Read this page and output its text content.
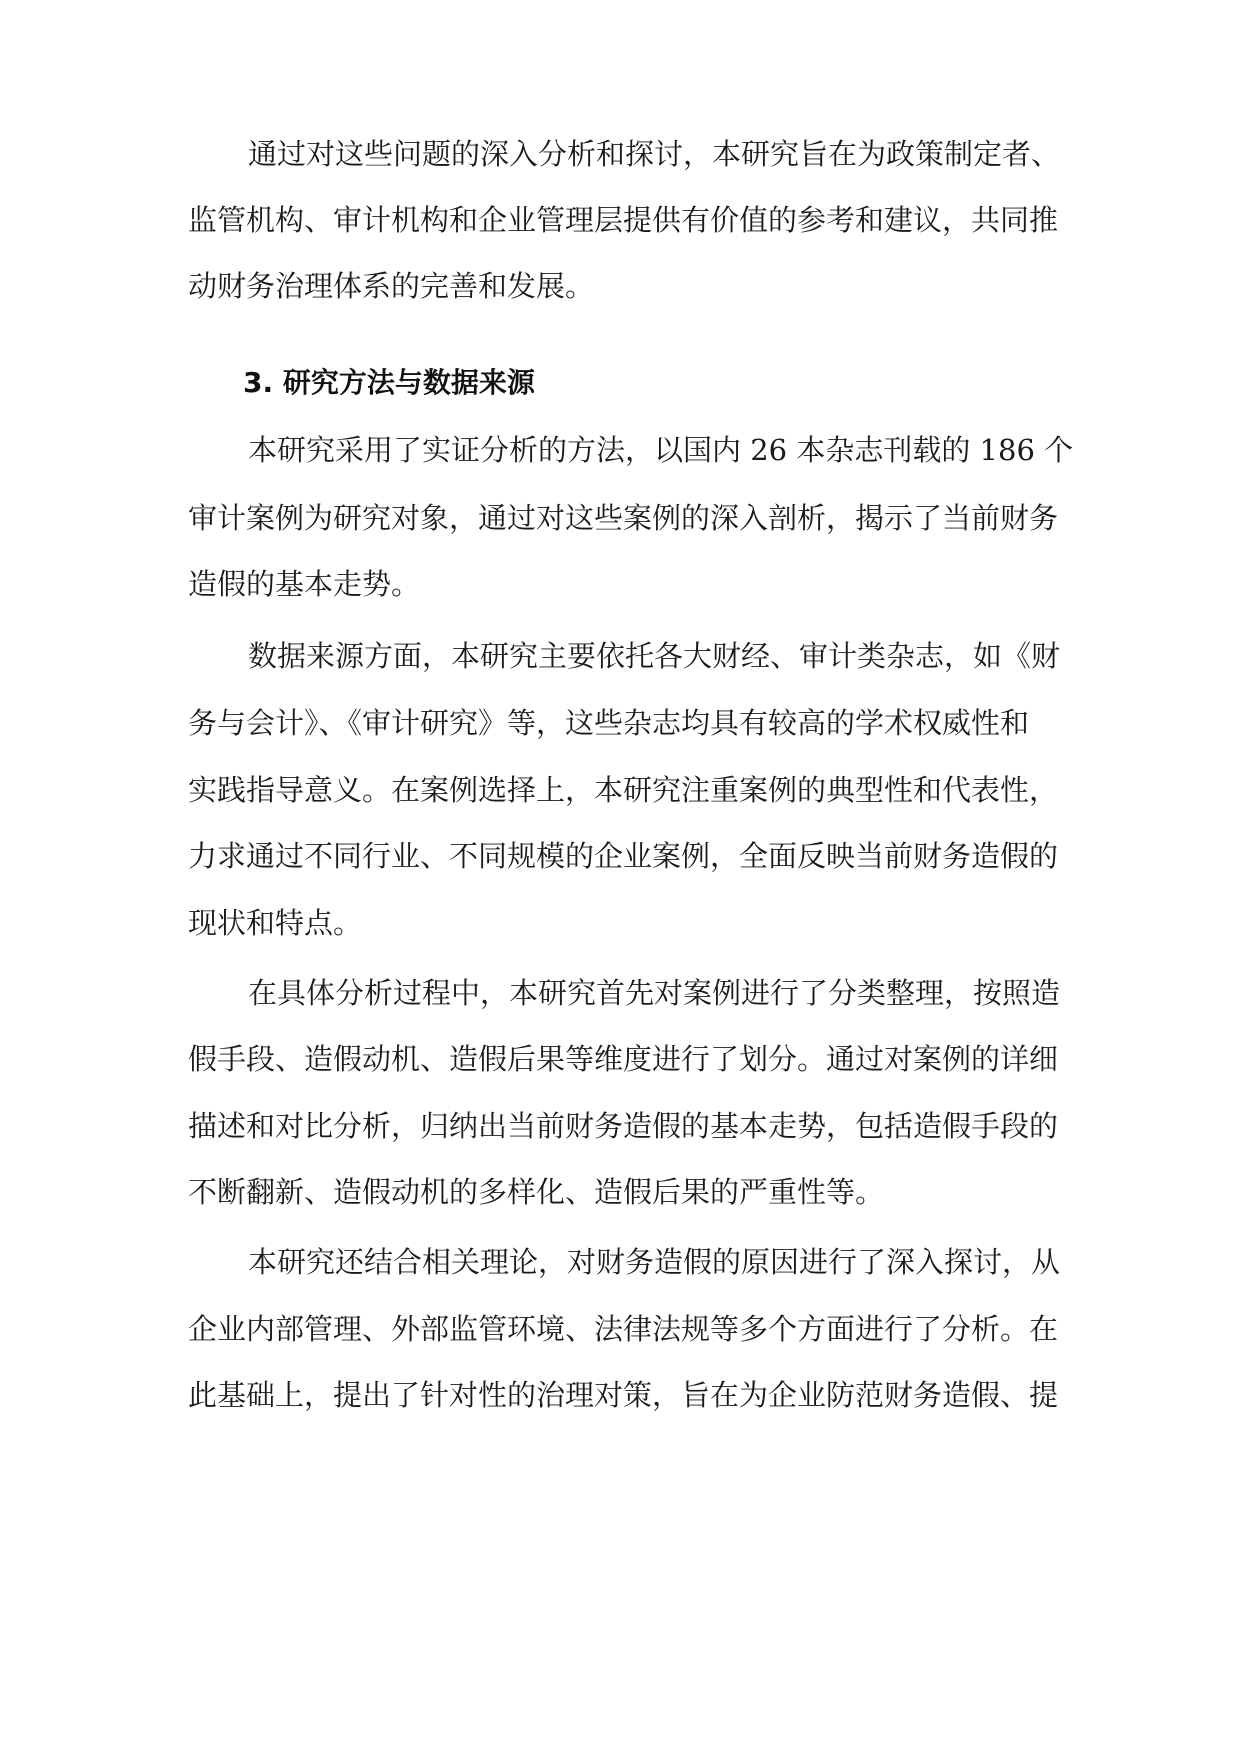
通过对这些问题的深入分析和探讨，本研究旨在为政策制定者、
监管机构、审计机构和企业管理层提供有价值的参考和建议，共同推
动财务治理体系的完善和发展。
3. 研究方法与数据来源
本研究采用了实证分析的方法，以国内 26 本杂志刊载的 186 个
审计案例为研究对象，通过对这些案例的深入剖析，揭示了当前财务
造假的基本走势。
数据来源方面，本研究主要依托各大财经、审计类杂志，如《财
务与会计》、《审计研究》等，这些杂志均具有较高的学术权威性和
实践指导意义。在案例选择上，本研究注重案例的典型性和代表性，
力求通过不同行业、不同规模的企业案例，全面反映当前财务造假的
现状和特点。
在具体分析过程中，本研究首先对案例进行了分类整理，按照造
假手段、造假动机、造假后果等维度进行了划分。通过对案例的详细
描述和对比分析，归纳出当前财务造假的基本走势，包括造假手段的
不断翻新、造假动机的多样化、造假后果的严重性等。
本研究还结合相关理论，对财务造假的原因进行了深入探讨，从
企业内部管理、外部监管环境、法律法规等多个方面进行了分析。在
此基础上，提出了针对性的治理对策，旨在为企业防范财务造假、提
